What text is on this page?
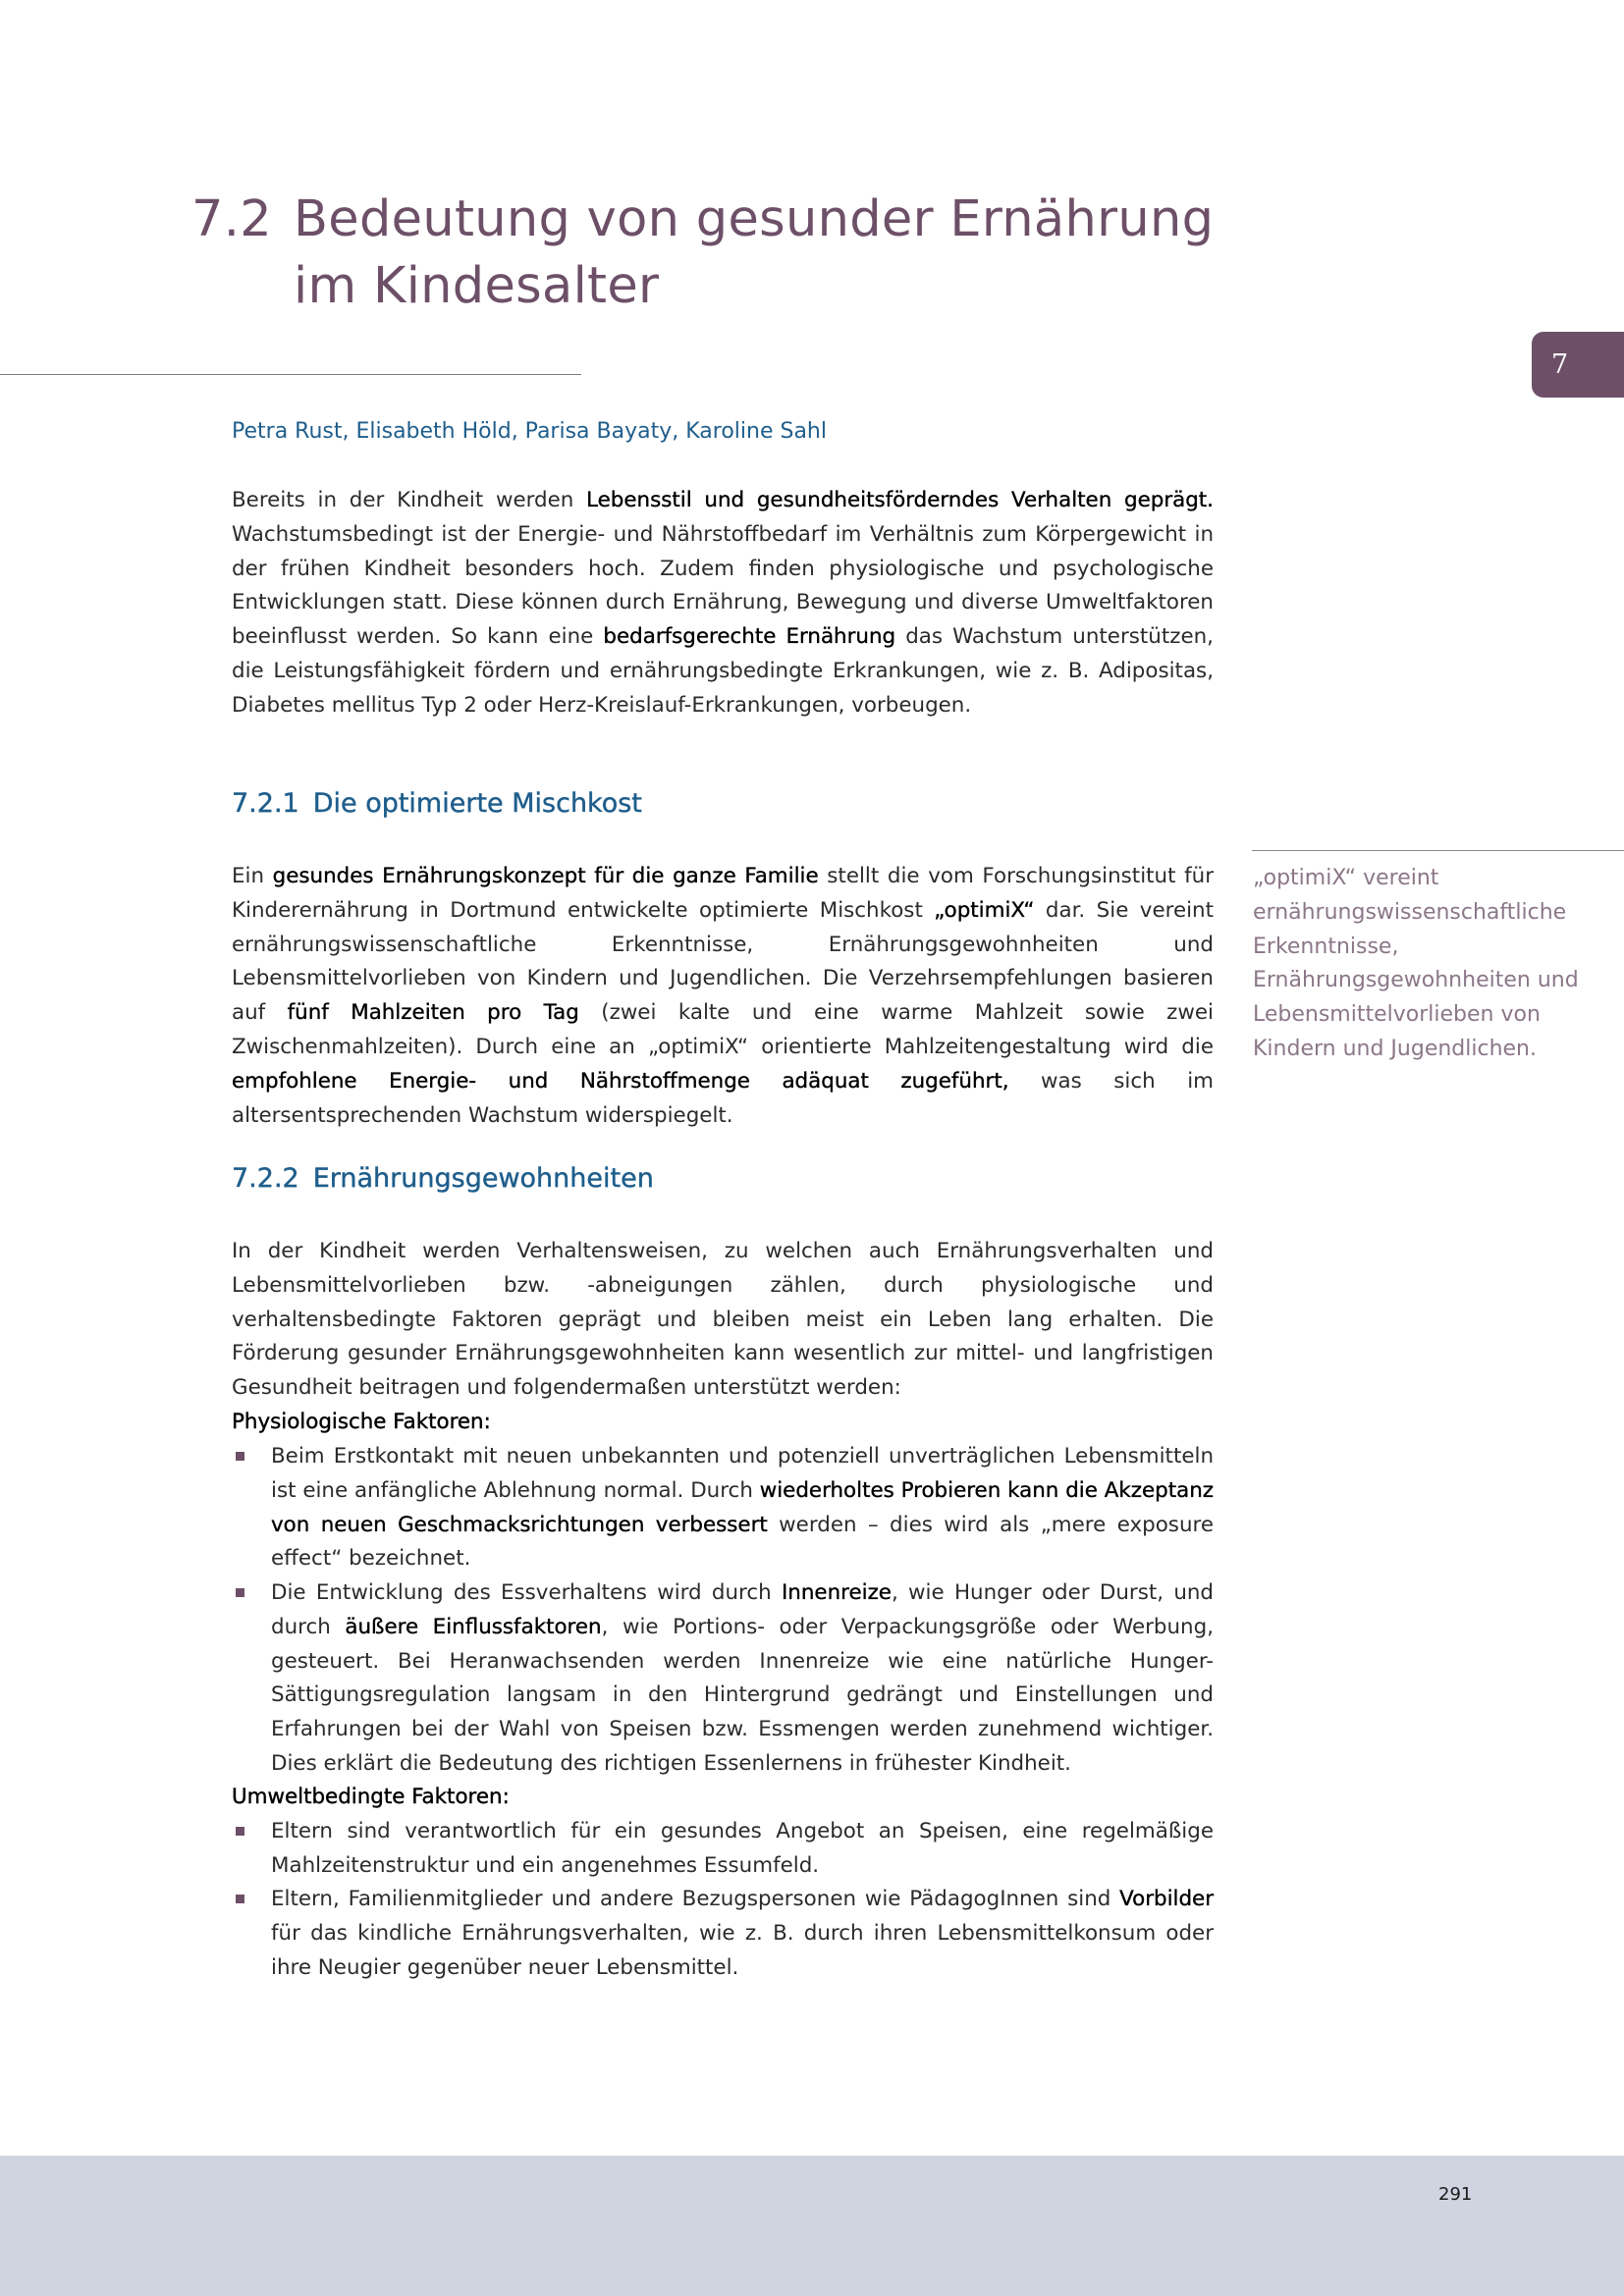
7.2 Bedeutung von gesunder Ernährung
im Kindesalter
7

Petra Rust, Elisabeth Höld, Parisa Bayaty, Karoline Sahl

Bereits in der Kindheit werden Lebensstil und gesundheitsförderndes Verhalten geprägt. Wachstumsbedingt ist der Energie- und Nährstoffbedarf im Verhältnis zum Körpergewicht in der frühen Kindheit besonders hoch. Zudem finden physiologische und psychologische Entwicklungen statt. Diese können durch Ernährung, Bewegung und diverse Umweltfaktoren beeinflusst werden. So kann eine bedarfsgerechte Ernährung das Wachstum unterstützen, die Leistungsfähigkeit fördern und ernährungsbedingte Erkrankungen, wie z. B. Adipositas, Diabetes mellitus Typ 2 oder Herz-Kreislauf-Erkrankungen, vorbeugen.

7.2.1 Die optimierte Mischkost

Ein gesundes Ernährungskonzept für die ganze Familie stellt die vom Forschungsinstitut für Kinderernährung in Dortmund entwickelte optimierte Mischkost „optimiX“ dar. Sie vereint ernährungswissenschaftliche Erkenntnisse, Ernährungsgewohnheiten und Lebensmittelvorlieben von Kindern und Jugendlichen. Die Verzehrsempfehlungen basieren auf fünf Mahlzeiten pro Tag (zwei kalte und eine warme Mahlzeit sowie zwei Zwischenmahlzeiten). Durch eine an „optimiX“ orientierte Mahlzeitengestaltung wird die empfohlene Energie- und Nährstoffmenge adäquat zugeführt, was sich im altersentsprechenden Wachstum widerspiegelt.

„optimiX“ vereint ernährungswissenschaftliche Erkenntnisse, Ernährungsgewohnheiten und Lebensmittelvorlieben von Kindern und Jugendlichen.

7.2.2 Ernährungsgewohnheiten

In der Kindheit werden Verhaltensweisen, zu welchen auch Ernährungsverhalten und Lebensmittelvorlieben bzw. -abneigungen zählen, durch physiologische und verhaltensbedingte Faktoren geprägt und bleiben meist ein Leben lang erhalten. Die Förderung gesunder Ernährungsgewohnheiten kann wesentlich zur mittel- und langfristigen Gesundheit beitragen und folgendermaßen unterstützt werden:

Physiologische Faktoren:

Beim Erstkontakt mit neuen unbekannten und potenziell unverträglichen Lebensmitteln ist eine anfängliche Ablehnung normal. Durch wiederholtes Probieren kann die Akzeptanz von neuen Geschmacksrichtungen verbessert werden – dies wird als „mere exposure effect“ bezeichnet.
Die Entwicklung des Essverhaltens wird durch Innenreize, wie Hunger oder Durst, und durch äußere Einflussfaktoren, wie Portions- oder Verpackungsgröße oder Werbung, gesteuert. Bei Heranwachsenden werden Innenreize wie eine natürliche Hunger-Sättigungsregulation langsam in den Hintergrund gedrängt und Einstellungen und Erfahrungen bei der Wahl von Speisen bzw. Essmengen werden zunehmend wichtiger. Dies erklärt die Bedeutung des richtigen Essenlernens in frühester Kindheit.

Umweltbedingte Faktoren:

Eltern sind verantwortlich für ein gesundes Angebot an Speisen, eine regelmäßige Mahlzeitenstruktur und ein angenehmes Essumfeld.
Eltern, Familienmitglieder und andere Bezugspersonen wie PädagogInnen sind Vorbilder für das kindliche Ernährungsverhalten, wie z. B. durch ihren Lebensmittelkonsum oder ihre Neugier gegenüber neuer Lebensmittel.

291
